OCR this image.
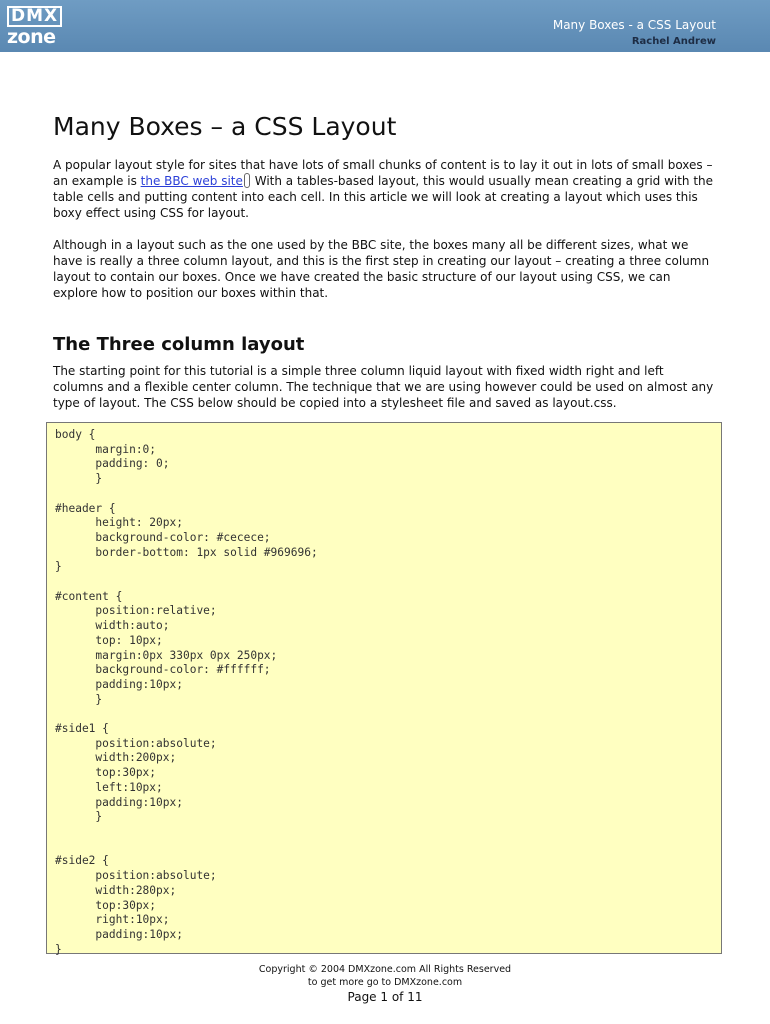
DMX
zone
Many Boxes - a CSS Layout
Rachel Andrew
Many Boxes – a CSS Layout

A popular layout style for sites that have lots of small chunks of content is to lay it out in lots of small boxes – an example is the BBC web site With a tables-based layout, this would usually mean creating a grid with the table cells and putting content into each cell. In this article we will look at creating a layout which uses this boxy effect using CSS for layout.

Although in a layout such as the one used by the BBC site, the boxes many all be different sizes, what we have is really a three column layout, and this is the first step in creating our layout – creating a three column layout to contain our boxes. Once we have created the basic structure of our layout using CSS, we can explore how to position our boxes within that.

The Three column layout

The starting point for this tutorial is a simple three column liquid layout with fixed width right and left columns and a flexible center column. The technique that we are using however could be used on almost any type of layout. The CSS below should be copied into a stylesheet file and saved as layout.css.

body {
margin:0;
padding: 0;
}

#header {
height: 20px;
background-color: #cecece;
border-bottom: 1px solid #969696;
}

#content {
position:relative;
width:auto;
top: 10px;
margin:0px 330px 0px 250px;
background-color: #ffffff;
padding:10px;
}

#side1 {
position:absolute;
width:200px;
top:30px;
left:10px;
padding:10px;
}

#side2 {
position:absolute;
width:280px;
top:30px;
right:10px;
padding:10px;
}
Copyright © 2004 DMXzone.com All Rights Reserved
to get more go to DMXzone.com
Page 1 of 11
